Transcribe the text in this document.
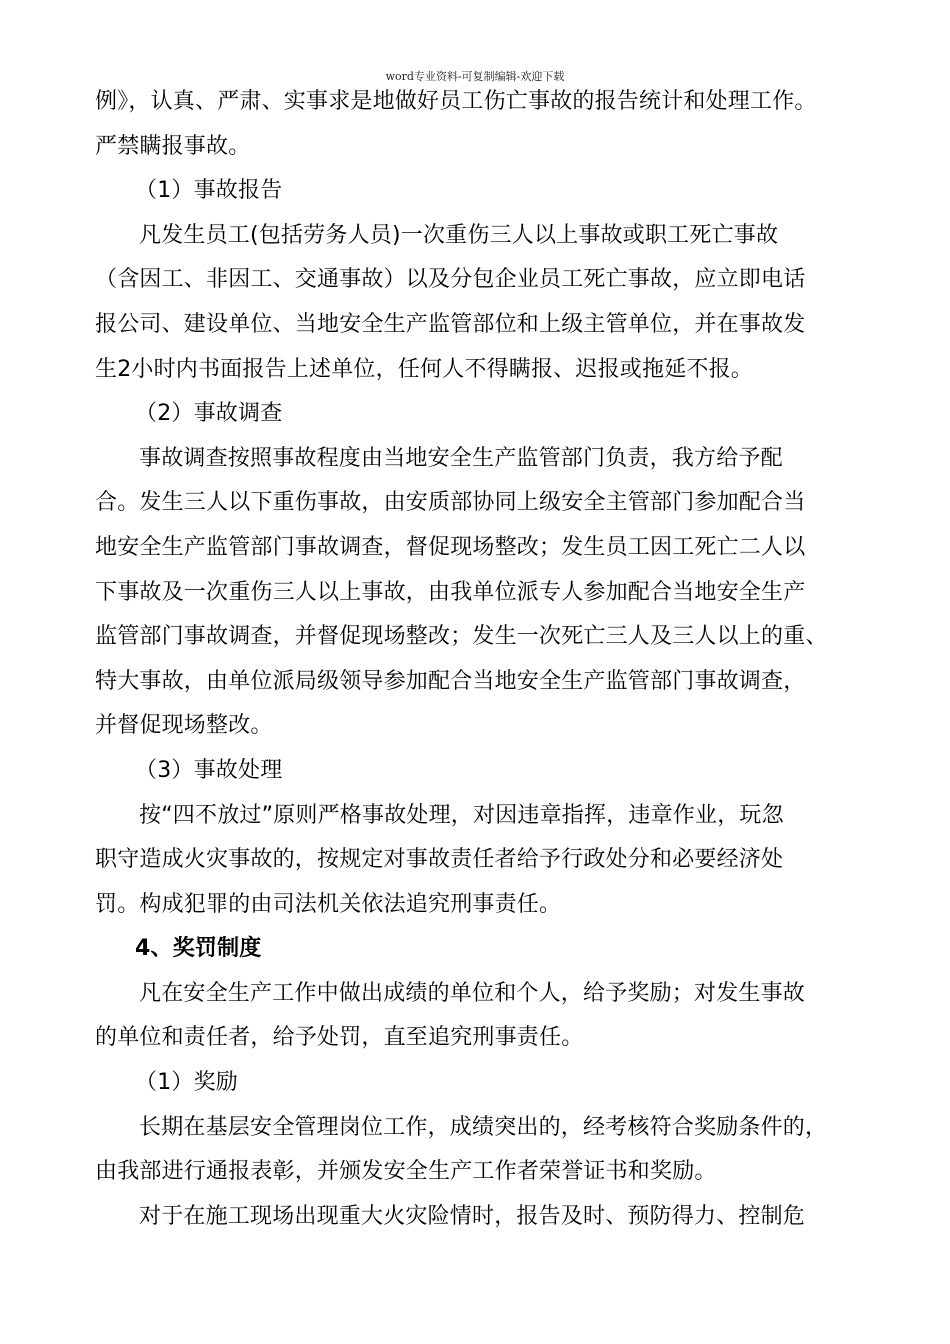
word专业资料-可复制编辑-欢迎下载
例》，认真、严肃、实事求是地做好员工伤亡事故的报告统计和处理工作。
严禁瞒报事故。
（1）事故报告
凡发生员工(包括劳务人员)一次重伤三人以上事故或职工死亡事故
（含因工、非因工、交通事故）以及分包企业员工死亡事故，应立即电话
报公司、建设单位、当地安全生产监管部位和上级主管单位，并在事故发
生2小时内书面报告上述单位，任何人不得瞒报、迟报或拖延不报。
（2）事故调查
事故调查按照事故程度由当地安全生产监管部门负责，我方给予配
合。发生三人以下重伤事故，由安质部协同上级安全主管部门参加配合当
地安全生产监管部门事故调查，督促现场整改；发生员工因工死亡二人以
下事故及一次重伤三人以上事故，由我单位派专人参加配合当地安全生产
监管部门事故调查，并督促现场整改；发生一次死亡三人及三人以上的重、
特大事故，由单位派局级领导参加配合当地安全生产监管部门事故调查，
并督促现场整改。
（3）事故处理
按“四不放过”原则严格事故处理，对因违章指挥，违章作业，玩忽
职守造成火灾事故的，按规定对事故责任者给予行政处分和必要经济处
罚。构成犯罪的由司法机关依法追究刑事责任。
4、奖罚制度
凡在安全生产工作中做出成绩的单位和个人，给予奖励；对发生事故
的单位和责任者，给予处罚，直至追究刑事责任。
（1）奖励
长期在基层安全管理岗位工作，成绩突出的，经考核符合奖励条件的，
由我部进行通报表彰，并颁发安全生产工作者荣誉证书和奖励。
对于在施工现场出现重大火灾险情时，报告及时、预防得力、控制危
